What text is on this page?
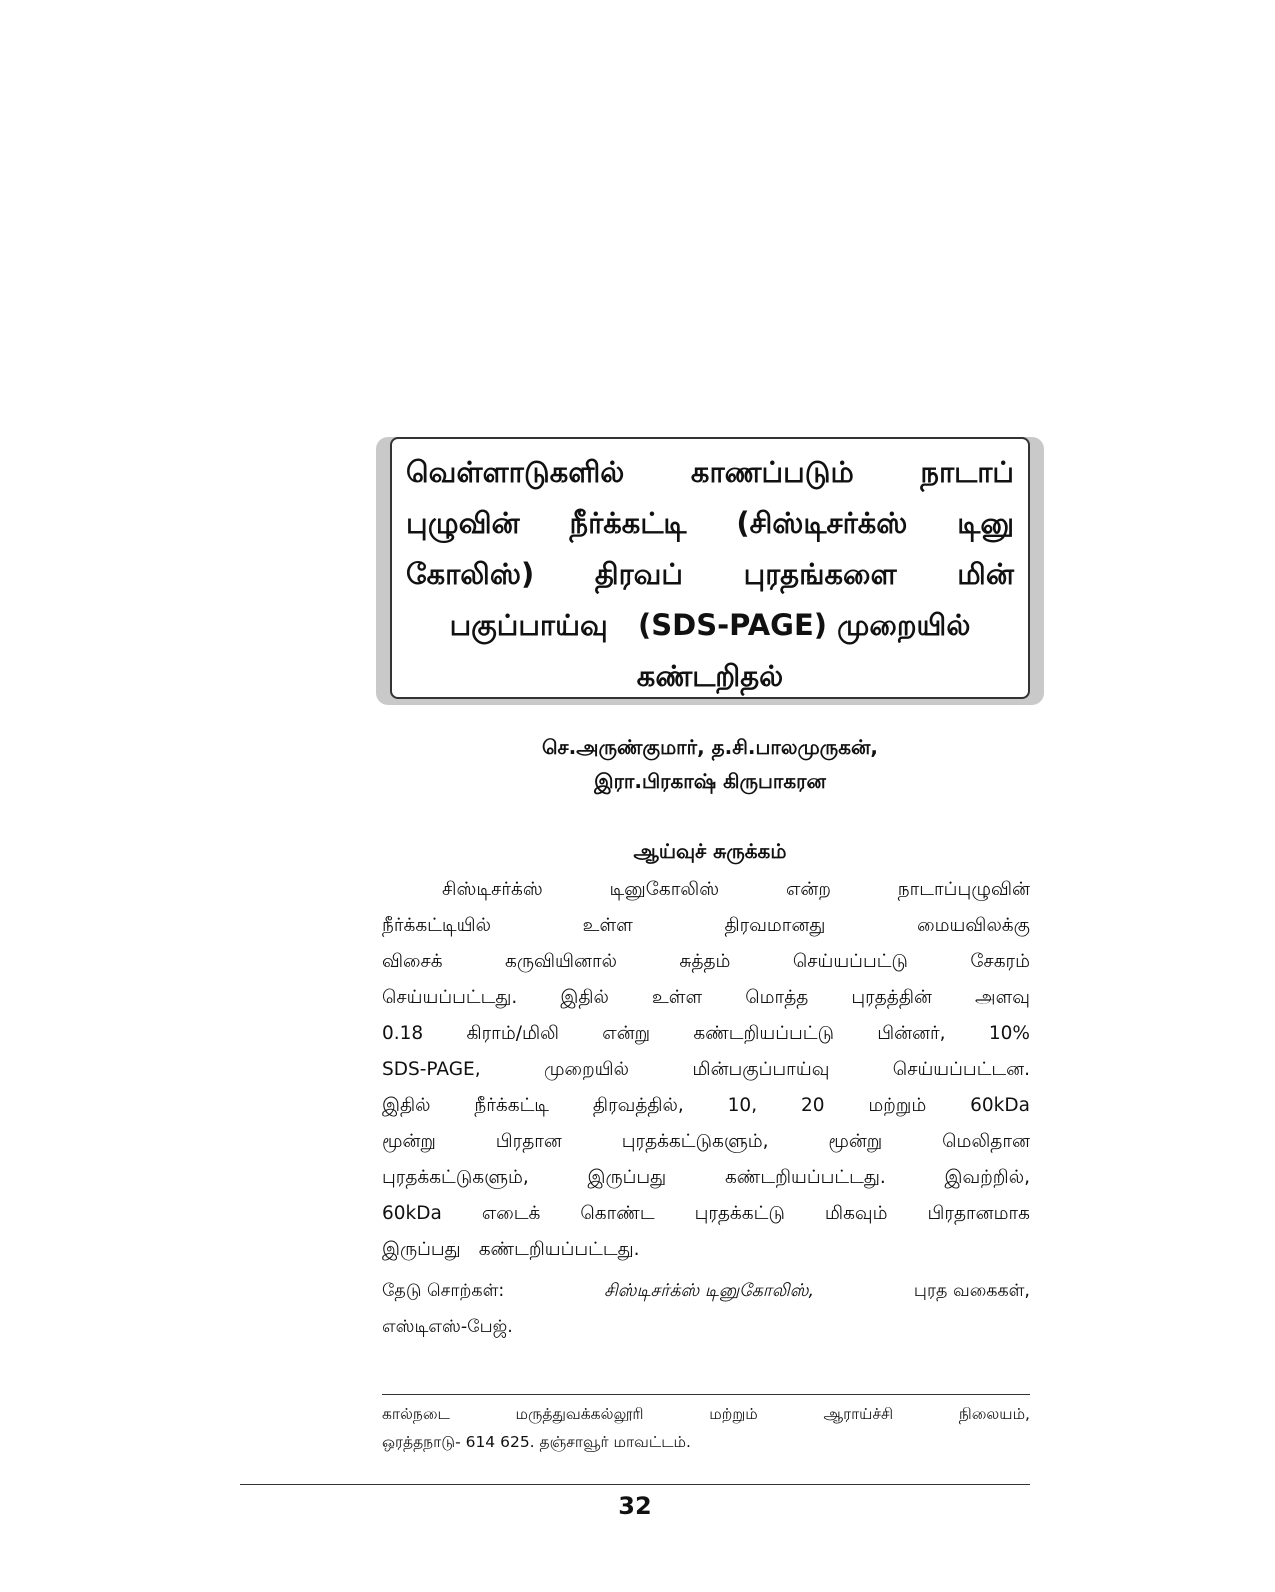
வெள்ளாடுகளில் காணப்படும் நாடாப்
புழுவின் நீர்க்கட்டி (சிஸ்டிசர்க்ஸ் டினு
கோலிஸ்) திரவப் புரதங்களை மின்
பகுப்பாய்வு (SDS-PAGE) முறையில்
கண்டறிதல்
செ.அருண்குமார், த.சி.பாலமுருகன்,
இரா.பிரகாஷ் கிருபாகரன
ஆய்வுச் சுருக்கம்
சிஸ்டிசர்க்ஸ்	டினுகோலிஸ்	என்ற	நாடாப்புழுவின்
நீர்க்கட்டியில்	உள்ள	திரவமானது	மையவிலக்கு
விசைக்	கருவியினால்	சுத்தம்	செய்யப்பட்டு	சேகரம்
செய்யப்பட்டது. இதில் உள்ள மொத்த புரதத்தின் அளவு
0.18 கிராம்/மிலி என்று கண்டறியப்பட்டு பின்னர், 10%
SDS-PAGE,	முறையில்	மின்பகுப்பாய்வு	செய்யப்பட்டன.
இதில் நீர்க்கட்டி திரவத்தில், 10, 20 மற்றும் 60kDa
மூன்று	பிரதான	புரதக்கட்டுகளும்,	மூன்று	மெலிதான
புரதக்கட்டுகளும்,	இருப்பது	கண்டறியப்பட்டது.	இவற்றில்,
60kDa எடைக் கொண்ட புரதக்கட்டு மிகவும் பிரதானமாக
இருப்பது கண்டறியப்பட்டது.
தேடு சொற்கள்:	சிஸ்டிசர்க்ஸ் டினுகோலிஸ்,	புரத வகைகள்,
எஸ்டிஎஸ்-பேஜ்.
கால்நடை	மருத்துவக்கல்லூரி	மற்றும்	ஆராய்ச்சி	நிலையம்,
ஒரத்தநாடு- 614 625. தஞ்சாவூர் மாவட்டம்.
32
